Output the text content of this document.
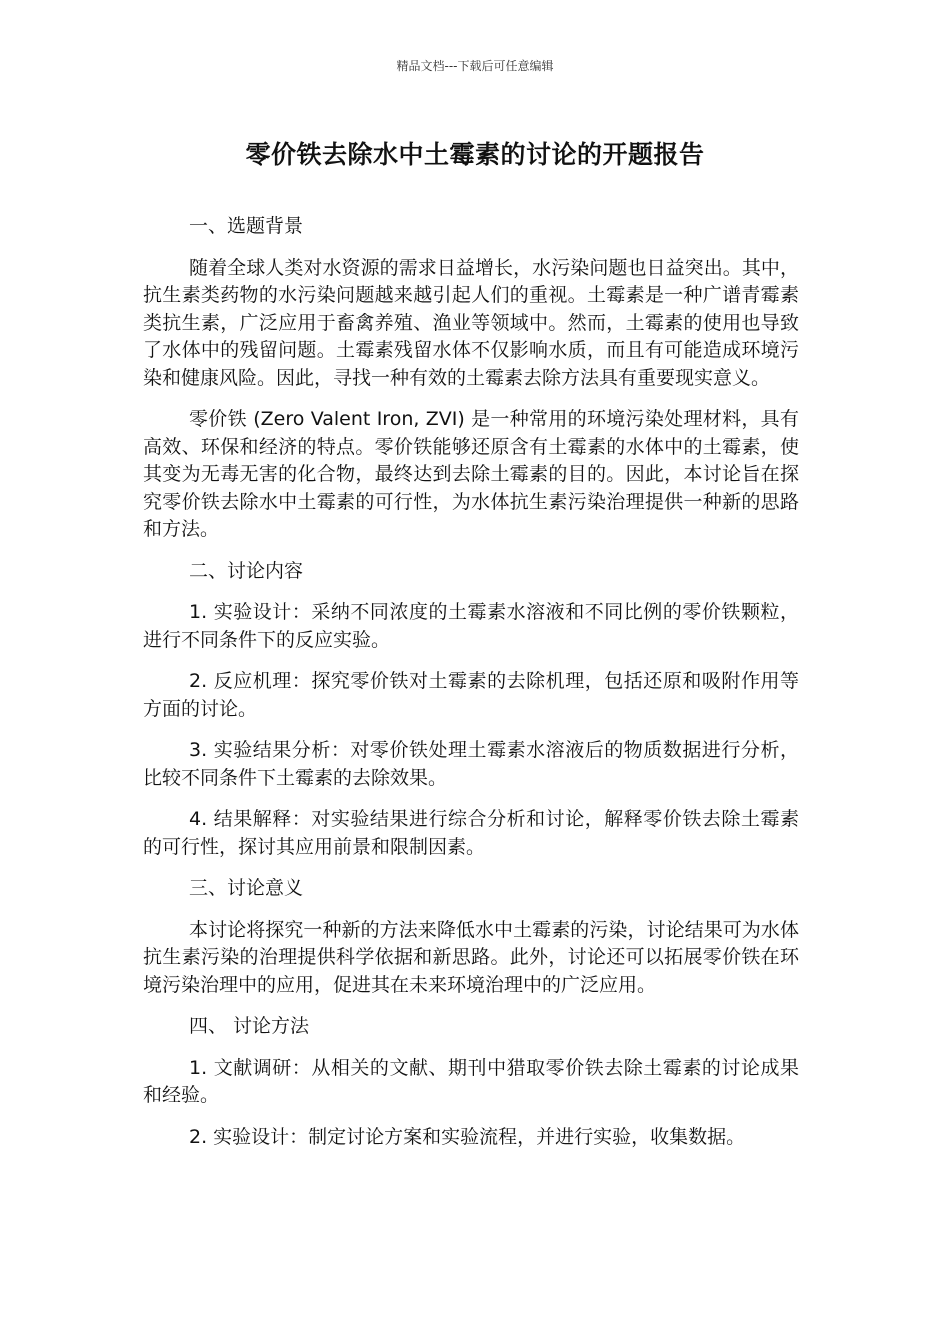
精品文档---下载后可任意编辑
零价铁去除水中土霉素的讨论的开题报告

一、选题背景

随着全球人类对水资源的需求日益增长，水污染问题也日益突出。其中，抗生素类药物的水污染问题越来越引起人们的重视。土霉素是一种广谱青霉素类抗生素，广泛应用于畜禽养殖、渔业等领域中。然而，土霉素的使用也导致了水体中的残留问题。土霉素残留水体不仅影响水质，而且有可能造成环境污染和健康风险。因此，寻找一种有效的土霉素去除方法具有重要现实意义。

零价铁 (Zero Valent Iron, ZVI) 是一种常用的环境污染处理材料，具有高效、环保和经济的特点。零价铁能够还原含有土霉素的水体中的土霉素，使其变为无毒无害的化合物，最终达到去除土霉素的目的。因此，本讨论旨在探究零价铁去除水中土霉素的可行性，为水体抗生素污染治理提供一种新的思路和方法。

二、讨论内容

1. 实验设计：采纳不同浓度的土霉素水溶液和不同比例的零价铁颗粒，进行不同条件下的反应实验。

2. 反应机理：探究零价铁对土霉素的去除机理，包括还原和吸附作用等方面的讨论。

3. 实验结果分析：对零价铁处理土霉素水溶液后的物质数据进行分析，比较不同条件下土霉素的去除效果。

4. 结果解释：对实验结果进行综合分析和讨论，解释零价铁去除土霉素的可行性，探讨其应用前景和限制因素。

三、讨论意义

本讨论将探究一种新的方法来降低水中土霉素的污染，讨论结果可为水体抗生素污染的治理提供科学依据和新思路。此外，讨论还可以拓展零价铁在环境污染治理中的应用，促进其在未来环境治理中的广泛应用。

四、 讨论方法

1. 文献调研：从相关的文献、期刊中猎取零价铁去除土霉素的讨论成果和经验。

2. 实验设计：制定讨论方案和实验流程，并进行实验，收集数据。
